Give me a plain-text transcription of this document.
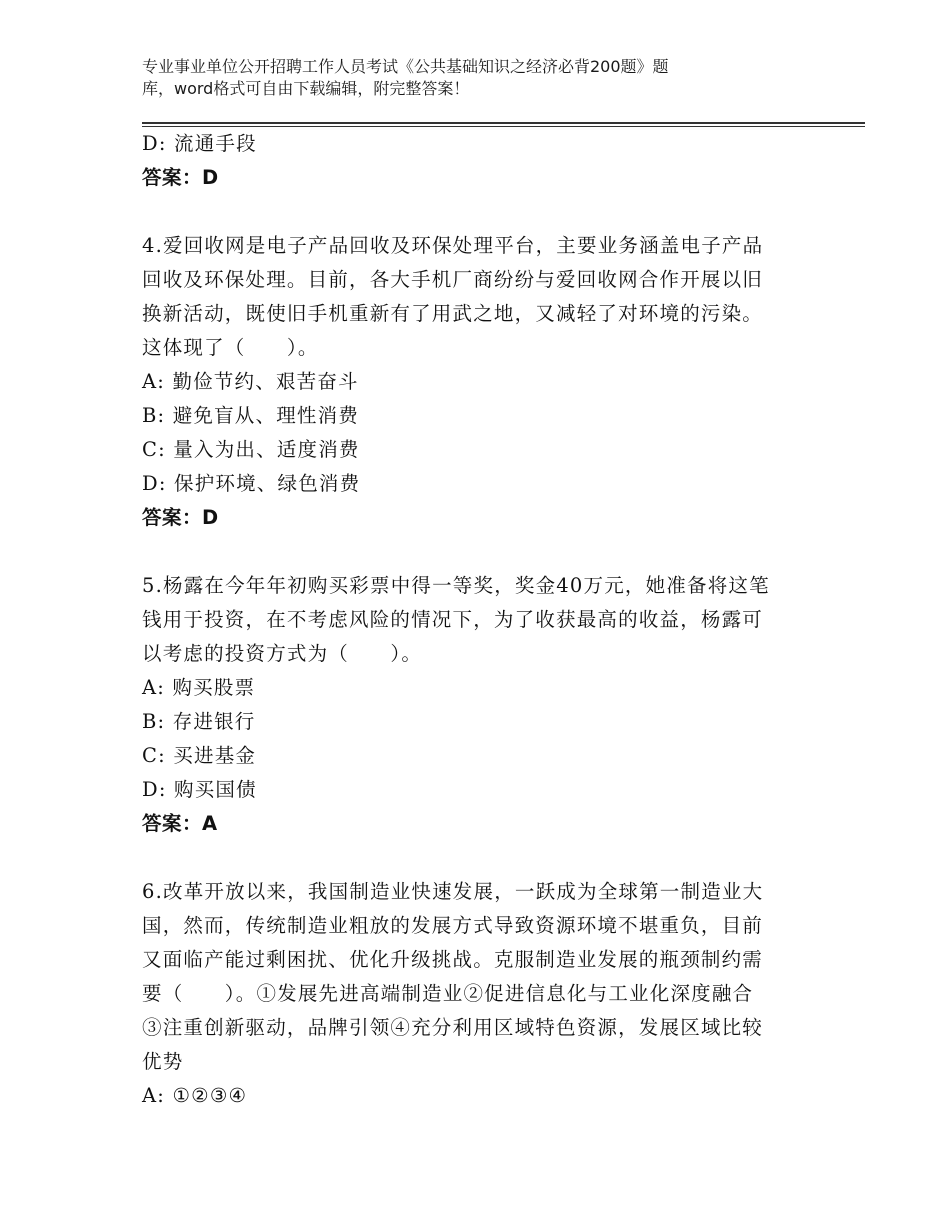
专业事业单位公开招聘工作人员考试《公共基础知识之经济必背200题》题
库，word格式可自由下载编辑，附完整答案！
D: 流通手段
答案：D
4.爱回收网是电子产品回收及环保处理平台，主要业务涵盖电子产品
回收及环保处理。目前，各大手机厂商纷纷与爱回收网合作开展以旧
换新活动，既使旧手机重新有了用武之地，又减轻了对环境的污染。
这体现了（　　）。
A: 勤俭节约、艰苦奋斗
B: 避免盲从、理性消费
C: 量入为出、适度消费
D: 保护环境、绿色消费
答案：D
5.杨露在今年年初购买彩票中得一等奖，奖金40万元，她准备将这笔
钱用于投资，在不考虑风险的情况下，为了收获最高的收益，杨露可
以考虑的投资方式为（　　）。
A: 购买股票
B: 存进银行
C: 买进基金
D: 购买国债
答案：A
6.改革开放以来，我国制造业快速发展，一跃成为全球第一制造业大
国，然而，传统制造业粗放的发展方式导致资源环境不堪重负，目前
又面临产能过剩困扰、优化升级挑战。克服制造业发展的瓶颈制约需
要（　　）。①发展先进高端制造业②促进信息化与工业化深度融合
③注重创新驱动，品牌引领④充分利用区域特色资源，发展区域比较
优势
A: ①②③④
